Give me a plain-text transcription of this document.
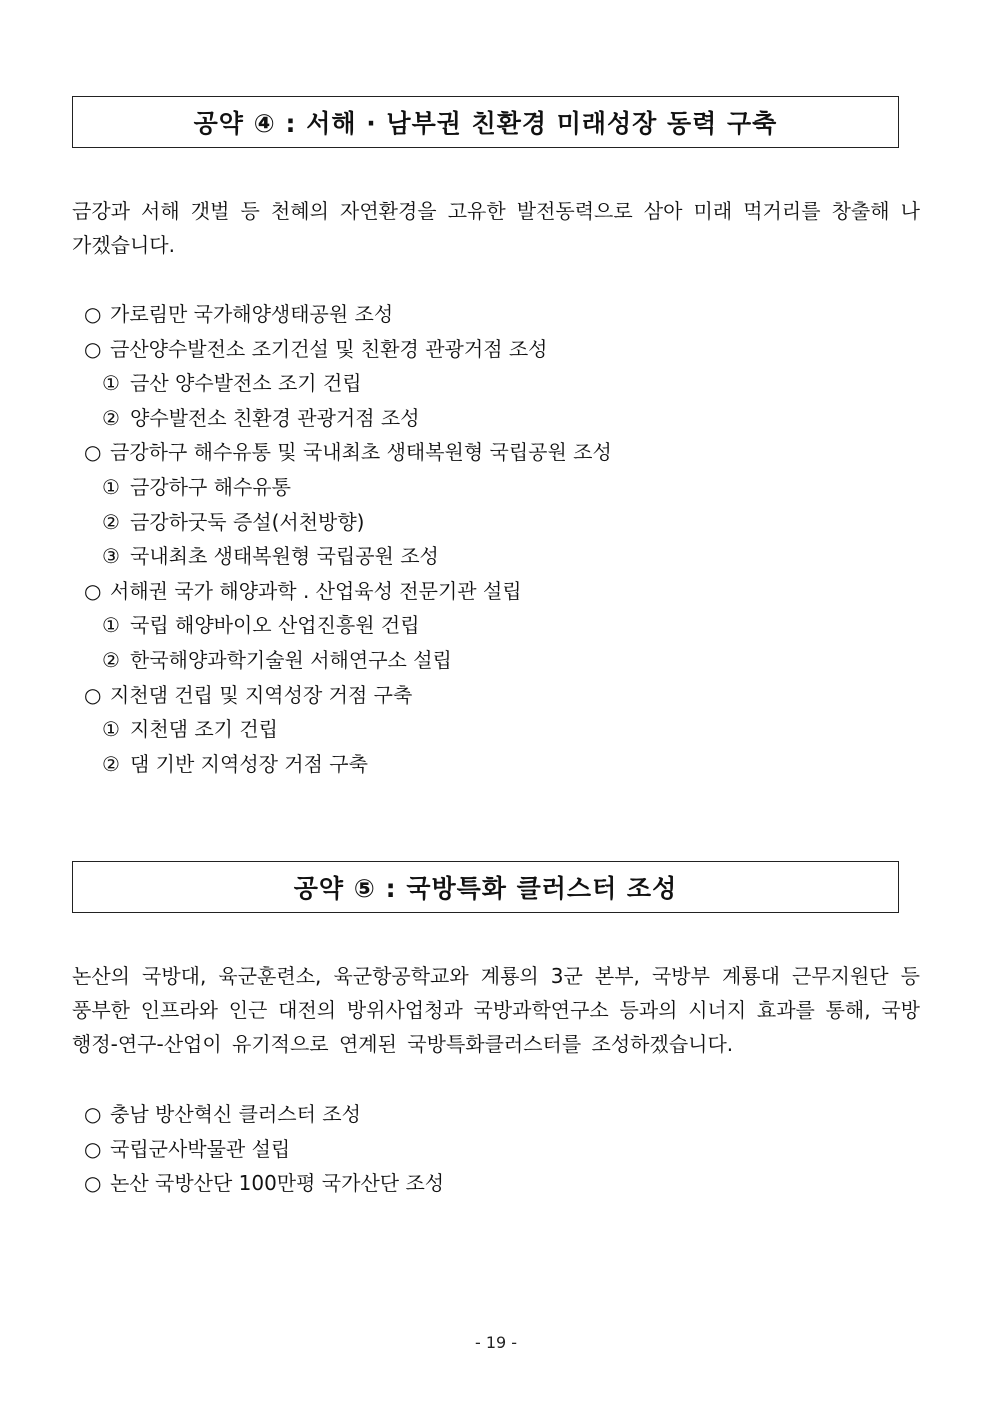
공약 ④ : 서해 · 남부권 친환경 미래성장 동력 구축
금강과 서해 갯벌 등 천혜의 자연환경을 고유한 발전동력으로 삼아 미래 먹거리를 창출해 나가겠습니다.
○ 가로림만 국가해양생태공원 조성
○ 금산양수발전소 조기건설 및 친환경 관광거점 조성
① 금산 양수발전소 조기 건립
② 양수발전소 친환경 관광거점 조성
○ 금강하구 해수유통 및 국내최초 생태복원형 국립공원 조성
① 금강하구 해수유통
② 금강하굿둑 증설(서천방향)
③ 국내최초 생태복원형 국립공원 조성
○ 서해권 국가 해양과학 . 산업육성 전문기관 설립
① 국립 해양바이오 산업진흥원 건립
② 한국해양과학기술원 서해연구소 설립
○ 지천댐 건립 및 지역성장 거점 구축
① 지천댐 조기 건립
② 댐 기반 지역성장 거점 구축
공약 ⑤ : 국방특화 클러스터 조성
논산의 국방대, 육군훈련소, 육군항공학교와 계룡의 3군 본부, 국방부 계룡대 근무지원단 등 풍부한 인프라와 인근 대전의 방위사업청과 국방과학연구소 등과의 시너지 효과를 통해, 국방 행정-연구-산업이 유기적으로 연계된 국방특화클러스터를 조성하겠습니다.
○ 충남 방산혁신 클러스터 조성
○ 국립군사박물관 설립
○ 논산 국방산단 100만평 국가산단 조성
- 19 -
